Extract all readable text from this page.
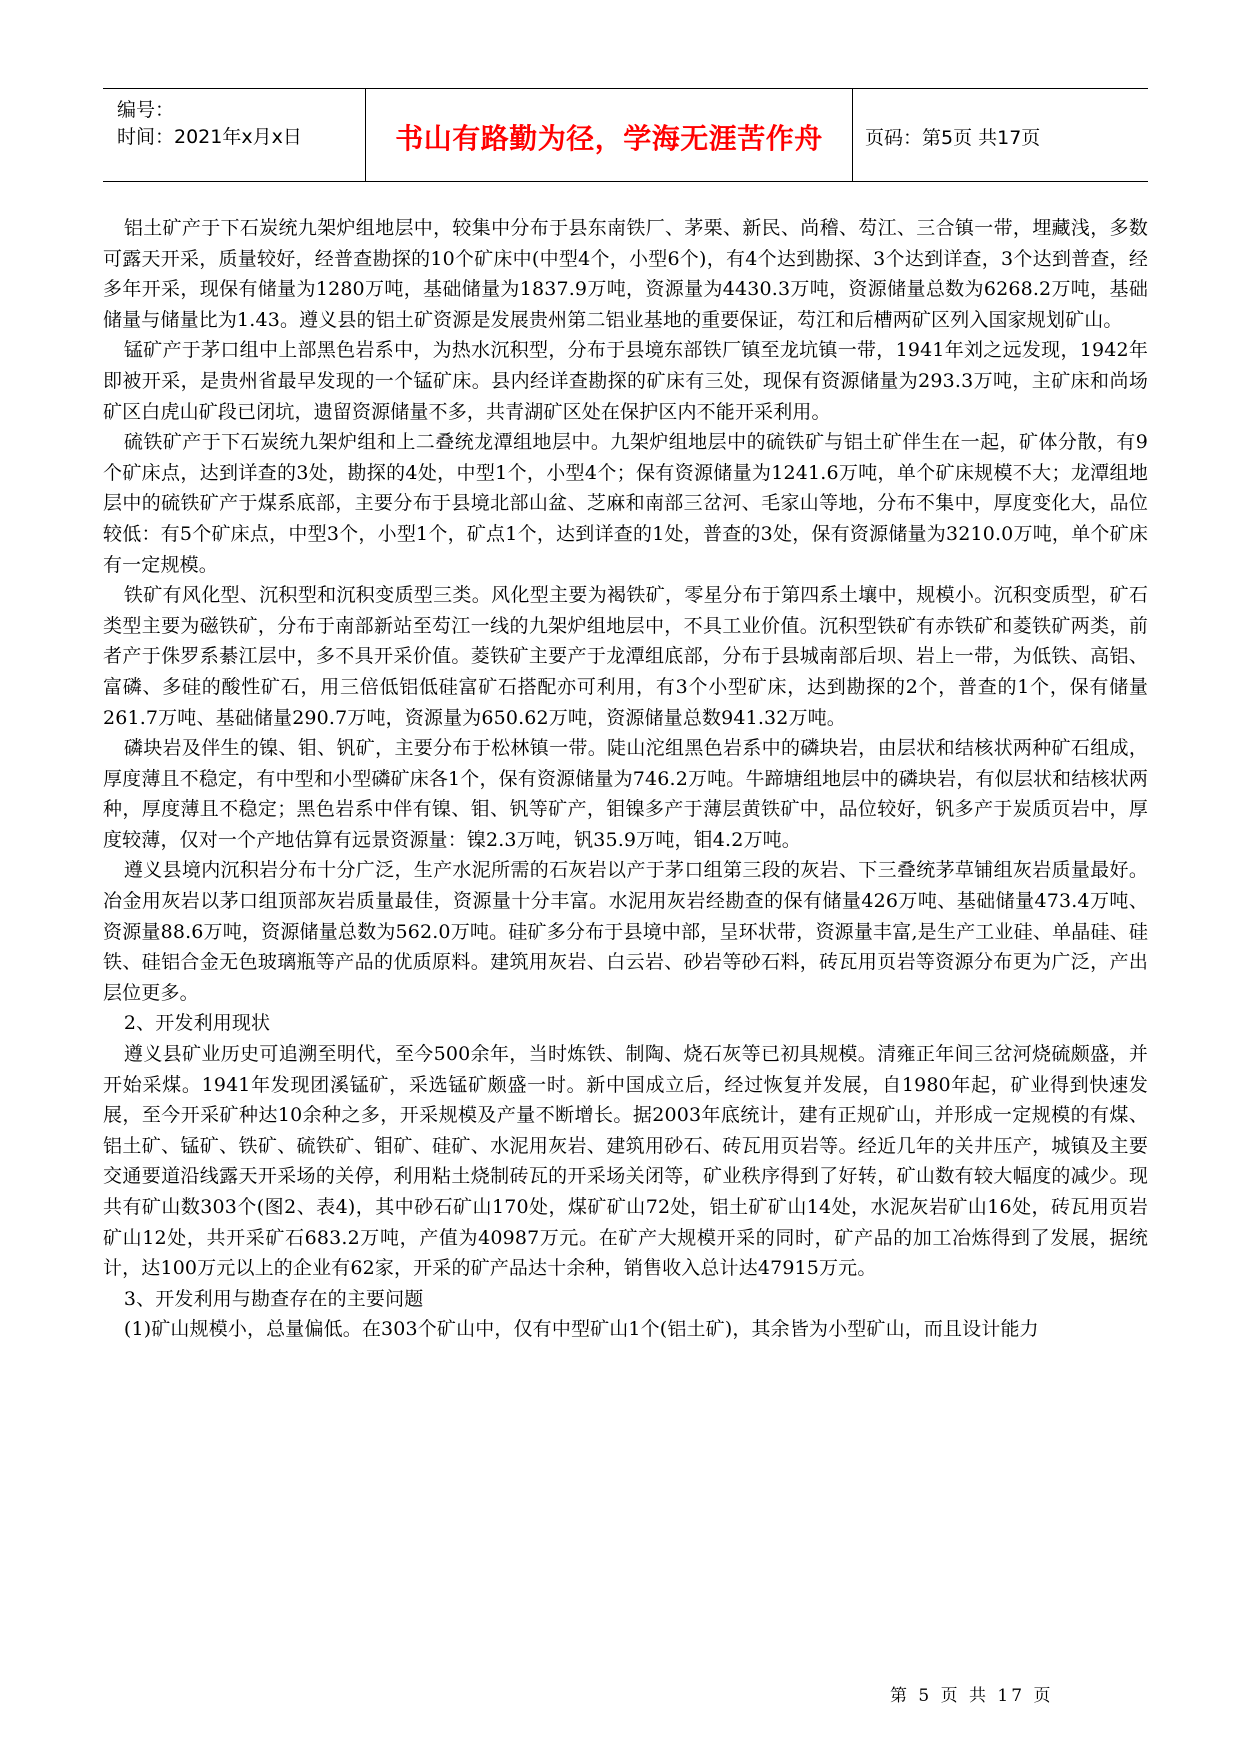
编号：
时间：2021年x月x日	书山有路勤为径，学海无涯苦作舟	页码：第5页 共17页

铝土矿产于下石炭统九架炉组地层中，较集中分布于县东南铁厂、茅栗、新民、尚稽、芶江、三合镇一带，埋藏浅，多数可露天开采，质量较好，经普查勘探的10个矿床中(中型4个，小型6个)，有4个达到勘探、3个达到详查，3个达到普查，经多年开采，现保有储量为1280万吨，基础储量为1837.9万吨，资源量为4430.3万吨，资源储量总数为6268.2万吨，基础储量与储量比为1.43。遵义县的铝土矿资源是发展贵州第二铝业基地的重要保证，芶江和后槽两矿区列入国家规划矿山。

锰矿产于茅口组中上部黑色岩系中，为热水沉积型，分布于县境东部铁厂镇至龙坑镇一带，1941年刘之远发现，1942年即被开采，是贵州省最早发现的一个锰矿床。县内经详查勘探的矿床有三处，现保有资源储量为293.3万吨，主矿床和尚场矿区白虎山矿段已闭坑，遗留资源储量不多，共青湖矿区处在保护区内不能开采利用。

硫铁矿产于下石炭统九架炉组和上二叠统龙潭组地层中。九架炉组地层中的硫铁矿与铝土矿伴生在一起，矿体分散，有9个矿床点，达到详查的3处，勘探的4处，中型1个，小型4个；保有资源储量为1241.6万吨，单个矿床规模不大；龙潭组地层中的硫铁矿产于煤系底部，主要分布于县境北部山盆、芝麻和南部三岔河、毛家山等地，分布不集中，厚度变化大，品位较低：有5个矿床点，中型3个，小型1个，矿点1个，达到详查的1处，普查的3处，保有资源储量为3210.0万吨，单个矿床有一定规模。

铁矿有风化型、沉积型和沉积变质型三类。风化型主要为褐铁矿，零星分布于第四系土壤中，规模小。沉积变质型，矿石类型主要为磁铁矿，分布于南部新站至芶江一线的九架炉组地层中，不具工业价值。沉积型铁矿有赤铁矿和菱铁矿两类，前者产于侏罗系綦江层中，多不具开采价值。菱铁矿主要产于龙潭组底部，分布于县城南部后坝、岩上一带，为低铁、高铝、富磷、多硅的酸性矿石，用三倍低铝低硅富矿石搭配亦可利用，有3个小型矿床，达到勘探的2个，普查的1个，保有储量261.7万吨、基础储量290.7万吨，资源量为650.62万吨，资源储量总数941.32万吨。

磷块岩及伴生的镍、钼、钒矿，主要分布于松林镇一带。陡山沱组黑色岩系中的磷块岩，由层状和结核状两种矿石组成，厚度薄且不稳定，有中型和小型磷矿床各1个，保有资源储量为746.2万吨。牛蹄塘组地层中的磷块岩，有似层状和结核状两种，厚度薄且不稳定；黑色岩系中伴有镍、钼、钒等矿产，钼镍多产于薄层黄铁矿中，品位较好，钒多产于炭质页岩中，厚度较薄，仅对一个产地估算有远景资源量：镍2.3万吨，钒35.9万吨，钼4.2万吨。

遵义县境内沉积岩分布十分广泛，生产水泥所需的石灰岩以产于茅口组第三段的灰岩、下三叠统茅草铺组灰岩质量最好。冶金用灰岩以茅口组顶部灰岩质量最佳，资源量十分丰富。水泥用灰岩经勘查的保有储量426万吨、基础储量473.4万吨、资源量88.6万吨，资源储量总数为562.0万吨。硅矿多分布于县境中部，呈环状带，资源量丰富,是生产工业硅、单晶硅、硅铁、硅铝合金无色玻璃瓶等产品的优质原料。建筑用灰岩、白云岩、砂岩等砂石料，砖瓦用页岩等资源分布更为广泛，产出层位更多。

2、开发利用现状

遵义县矿业历史可追溯至明代，至今500余年，当时炼铁、制陶、烧石灰等已初具规模。清雍正年间三岔河烧硫颇盛，并开始采煤。1941年发现团溪锰矿，采选锰矿颇盛一时。新中国成立后，经过恢复并发展，自1980年起，矿业得到快速发展，至今开采矿种达10余种之多，开采规模及产量不断增长。据2003年底统计，建有正规矿山，并形成一定规模的有煤、铝土矿、锰矿、铁矿、硫铁矿、钼矿、硅矿、水泥用灰岩、建筑用砂石、砖瓦用页岩等。经近几年的关井压产，城镇及主要交通要道沿线露天开采场的关停，利用粘土烧制砖瓦的开采场关闭等，矿业秩序得到了好转，矿山数有较大幅度的减少。现共有矿山数303个(图2、表4)，其中砂石矿山170处，煤矿矿山72处，铝土矿矿山14处，水泥灰岩矿山16处，砖瓦用页岩矿山12处，共开采矿石683.2万吨，产值为40987万元。在矿产大规模开采的同时，矿产品的加工冶炼得到了发展，据统计，达100万元以上的企业有62家，开采的矿产品达十余种，销售收入总计达47915万元。

3、开发利用与勘查存在的主要问题

(1)矿山规模小，总量偏低。在303个矿山中，仅有中型矿山1个(铝土矿)，其余皆为小型矿山，而且设计能力

第 5 页 共 17 页
